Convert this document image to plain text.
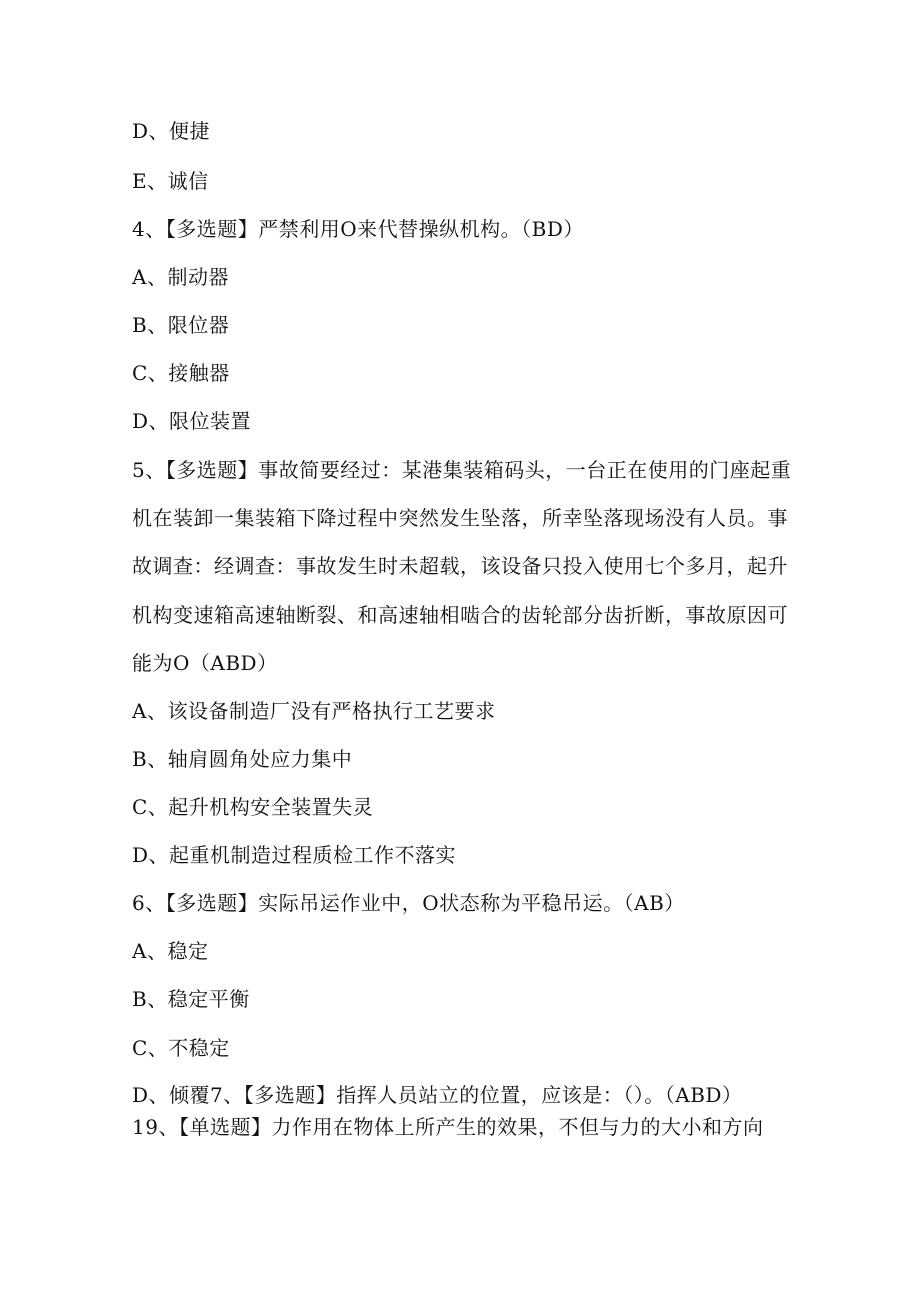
D、便捷
E、诚信
4、【多选题】严禁利用O来代替操纵机构。（BD）
A、制动器
B、限位器
C、接触器
D、限位装置
5、【多选题】事故简要经过：某港集装箱码头，一台正在使用的门座起重
机在装卸一集装箱下降过程中突然发生坠落，所幸坠落现场没有人员。事
故调查：经调查：事故发生时未超载，该设备只投入使用七个多月，起升
机构变速箱高速轴断裂、和高速轴相啮合的齿轮部分齿折断，事故原因可
能为O（ABD）
A、该设备制造厂没有严格执行工艺要求
B、轴肩圆角处应力集中
C、起升机构安全装置失灵
D、起重机制造过程质检工作不落实
6、【多选题】实际吊运作业中，O状态称为平稳吊运。（AB）
A、稳定
B、稳定平衡
C、不稳定
D、倾覆7、【多选题】指挥人员站立的位置，应该是：（）。（ABD）
19、【单选题】力作用在物体上所产生的效果，不但与力的大小和方向
